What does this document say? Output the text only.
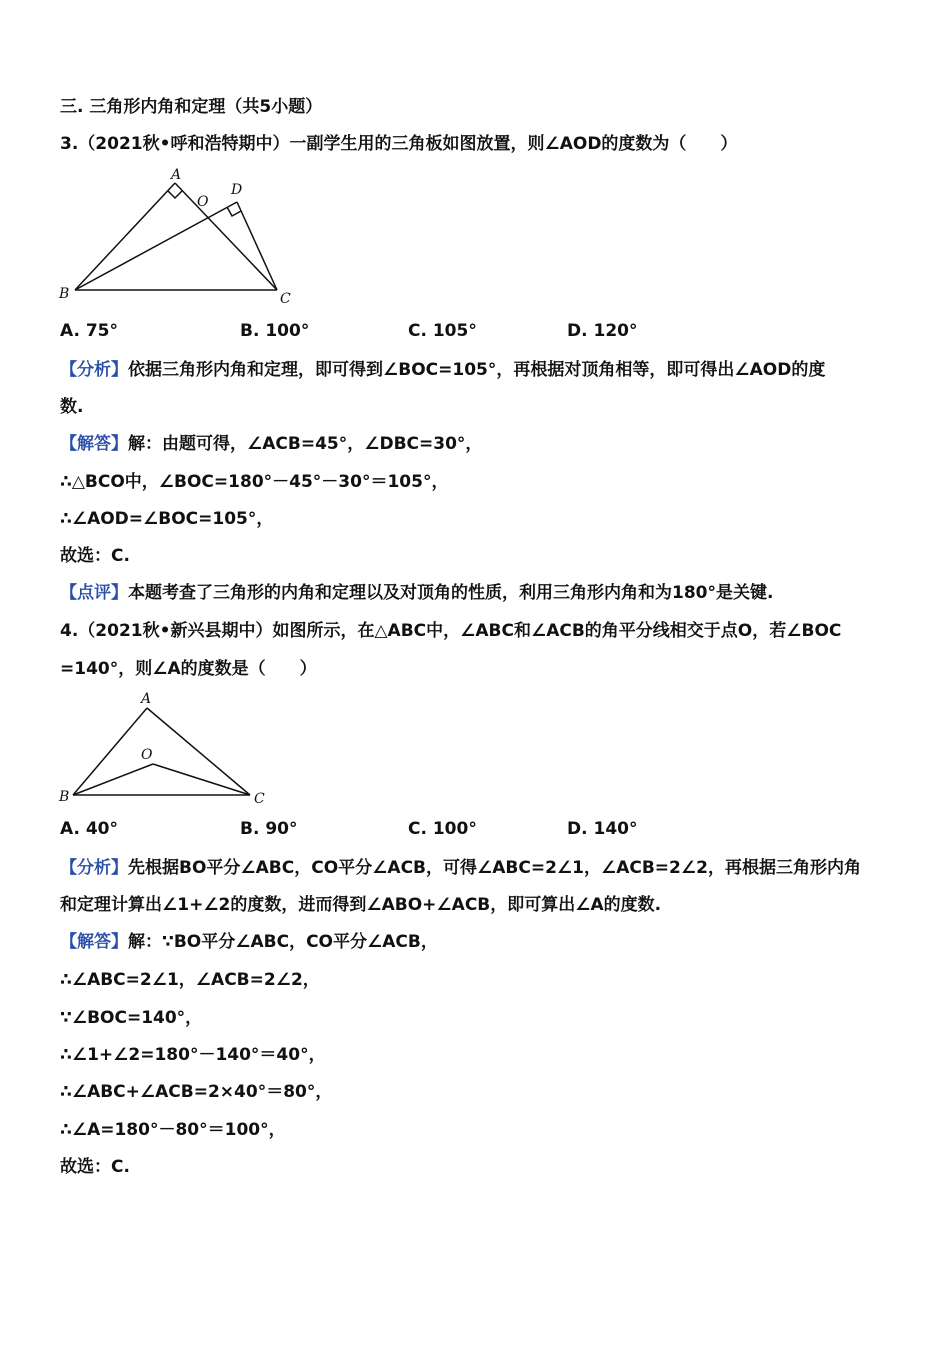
三. 三角形内角和定理（共5小题）
3.（2021秋•呼和浩特期中）一副学生用的三角板如图放置，则∠AOD的度数为（　　）
A
O
D
B	C
A. 75°	B. 100°	C. 105°	D. 120°
【分析】依据三角形内角和定理，即可得到∠BOC=105°，再根据对顶角相等，即可得出∠AOD的度
数.
【解答】解：由题可得，∠ACB=45°，∠DBC=30°，
∴△BCO中，∠BOC=180°－45°－30°＝105°，
∴∠AOD=∠BOC=105°，
故选：C.
【点评】本题考查了三角形的内角和定理以及对顶角的性质，利用三角形内角和为180°是关键.
4.（2021秋•新兴县期中）如图所示，在△ABC中，∠ABC和∠ACB的角平分线相交于点O，若∠BOC
=140°，则∠A的度数是（　　）
A
O
B	C
A. 40°	B. 90°	C. 100°	D. 140°
【分析】先根据BO平分∠ABC，CO平分∠ACB，可得∠ABC=2∠1，∠ACB=2∠2，再根据三角形内角
和定理计算出∠1+∠2的度数，进而得到∠ABO+∠ACB，即可算出∠A的度数.
【解答】解：∵BO平分∠ABC，CO平分∠ACB，
∴∠ABC=2∠1，∠ACB=2∠2，
∵∠BOC=140°，
∴∠1+∠2=180°－140°＝40°，
∴∠ABC+∠ACB=2×40°＝80°，
∴∠A=180°－80°＝100°，
故选：C.
